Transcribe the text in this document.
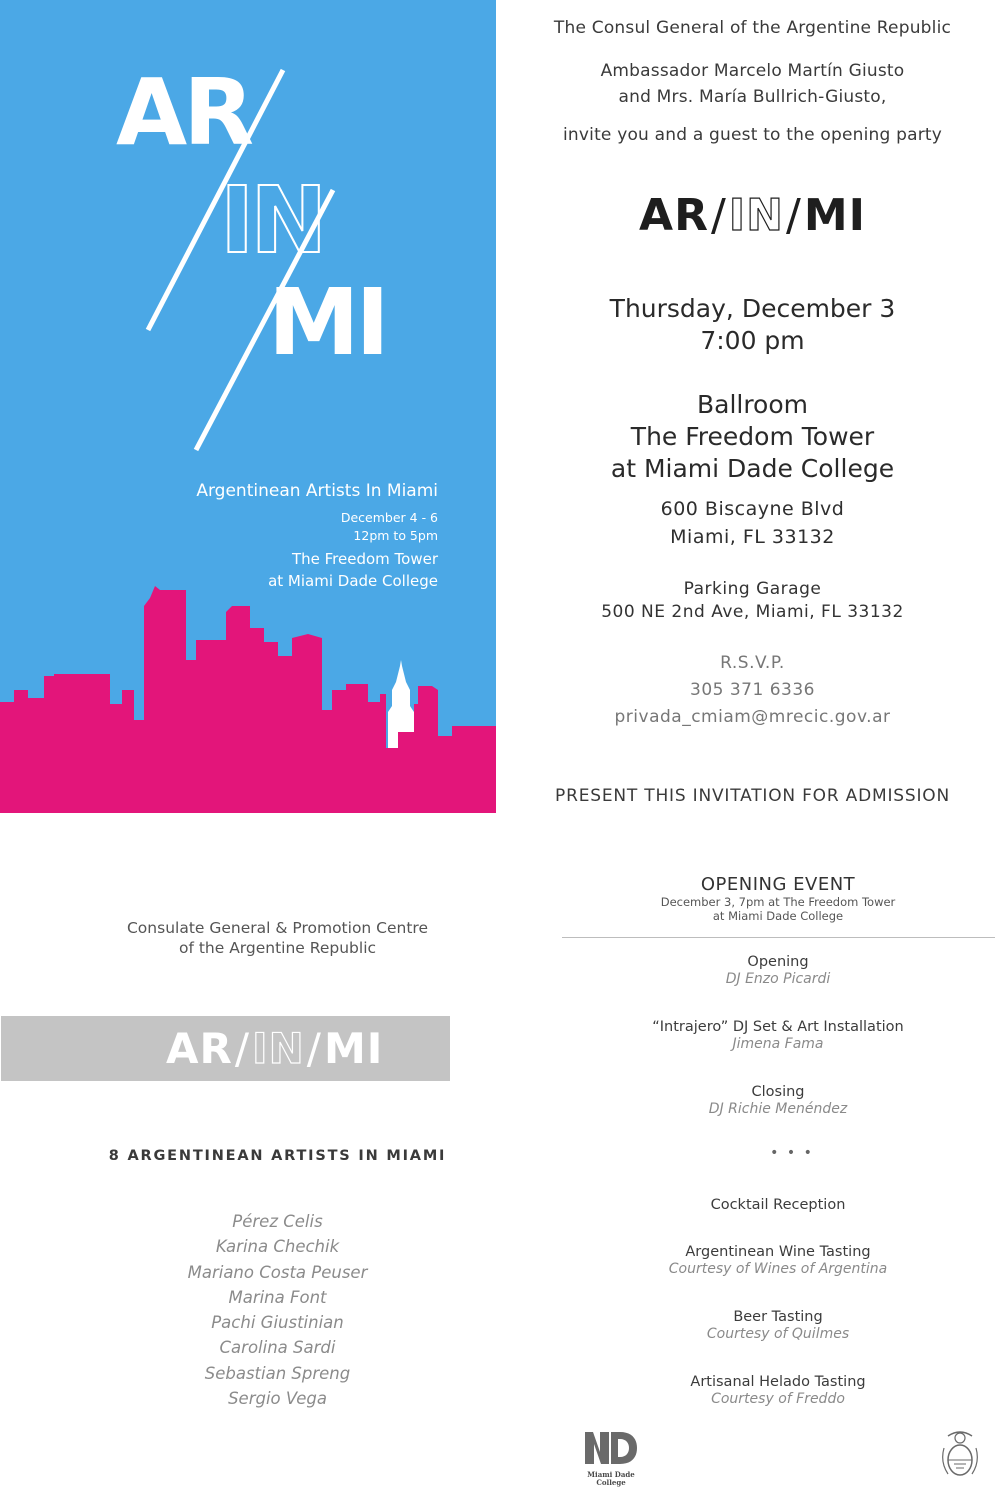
AR
IN
MI
Argentinean Artists In Miami
December 4 - 6
12pm to 5pm
The Freedom Tower
at Miami Dade College
The Consul General of the Argentine Republic
Ambassador Marcelo Martín Giusto
and Mrs. María Bullrich-Giusto,
invite you and a guest to the opening party
AR / IN / MI
Thursday, December 3
7:00 pm
Ballroom
The Freedom Tower
at Miami Dade College
600 Biscayne Blvd
Miami, FL 33132
Parking Garage
500 NE 2nd Ave, Miami, FL 33132
R.S.V.P.
305 371 6336
privada_cmiam@mrecic.gov.ar
PRESENT THIS INVITATION FOR ADMISSION
Consulate General & Promotion Centre
of the Argentine Republic
AR / IN / MI
8 ARGENTINEAN ARTISTS IN MIAMI
Pérez Celis
Karina Chechik
Mariano Costa Peuser
Marina Font
Pachi Giustinian
Carolina Sardi
Sebastian Spreng
Sergio Vega
OPENING EVENT
December 3, 7pm at The Freedom Tower
at Miami Dade College
Opening
DJ Enzo Picardi
“Intrajero” DJ Set & Art Installation
Jimena Fama
Closing
DJ Richie Menéndez
• • •
Cocktail Reception
Argentinean Wine Tasting
Courtesy of Wines of Argentina
Beer Tasting
Courtesy of Quilmes
Artisanal Helado Tasting
Courtesy of Freddo
Miami Dade
College
